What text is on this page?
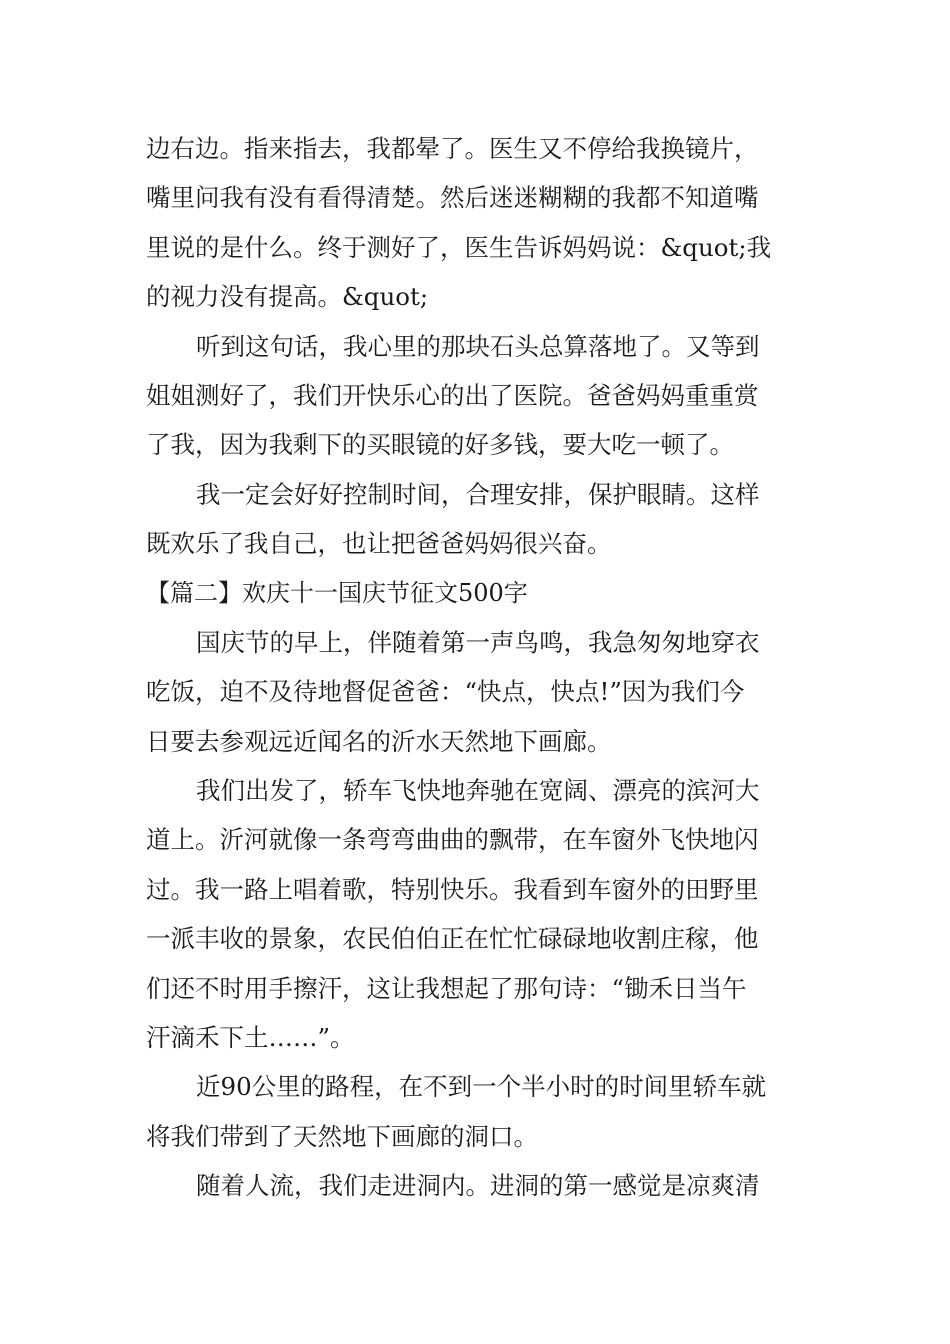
边右边。指来指去，我都晕了。医生又不停给我换镜片，
嘴里问我有没有看得清楚。然后迷迷糊糊的我都不知道嘴
里说的是什么。终于测好了，医生告诉妈妈说：&quot;我
的视力没有提高。&quot;
听到这句话，我心里的那块石头总算落地了。又等到
姐姐测好了，我们开快乐心的出了医院。爸爸妈妈重重赏
了我，因为我剩下的买眼镜的好多钱，要大吃一顿了。
我一定会好好控制时间，合理安排，保护眼睛。这样
既欢乐了我自己，也让把爸爸妈妈很兴奋。
【篇二】欢庆十一国庆节征文500字
国庆节的早上，伴随着第一声鸟鸣，我急匆匆地穿衣
吃饭，迫不及待地督促爸爸：“快点，快点!”因为我们今
日要去参观远近闻名的沂水天然地下画廊。
我们出发了，轿车飞快地奔驰在宽阔、漂亮的滨河大
道上。沂河就像一条弯弯曲曲的飘带，在车窗外飞快地闪
过。我一路上唱着歌，特别快乐。我看到车窗外的田野里
一派丰收的景象，农民伯伯正在忙忙碌碌地收割庄稼，他
们还不时用手擦汗，这让我想起了那句诗：“锄禾日当午
汗滴禾下土……”。
近90公里的路程，在不到一个半小时的时间里轿车就
将我们带到了天然地下画廊的洞口。
随着人流，我们走进洞内。进洞的第一感觉是凉爽清
